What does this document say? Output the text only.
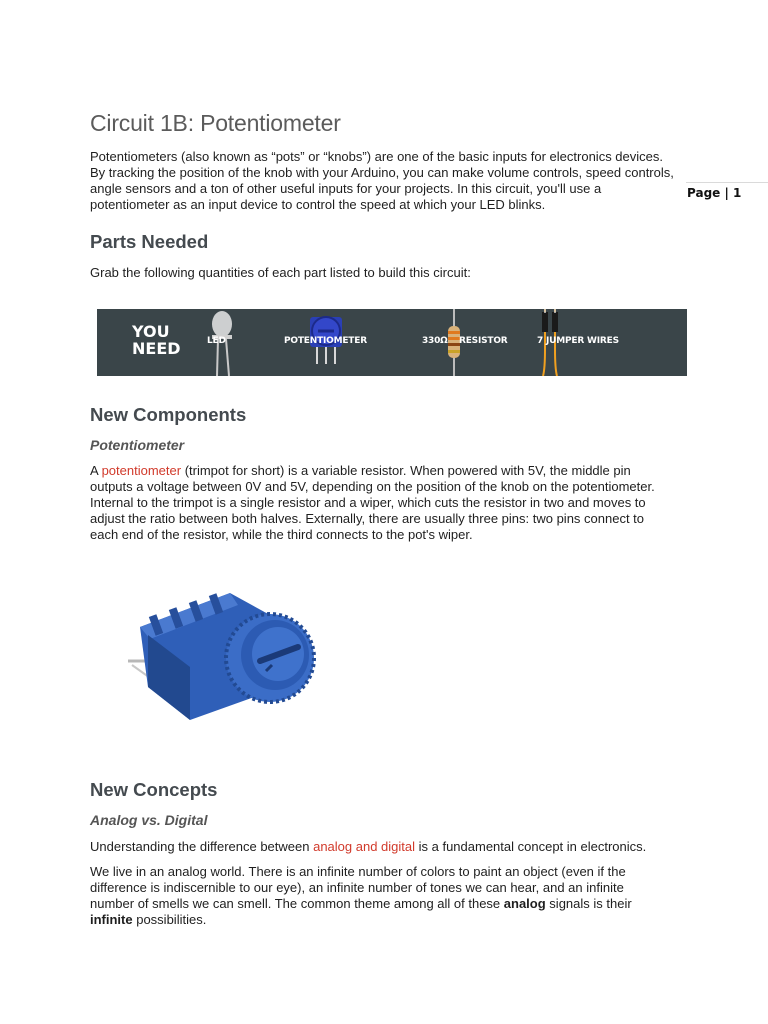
Circuit 1B: Potentiometer
Page | 1

Potentiometers (also known as “pots” or “knobs”) are one of the basic inputs for electronics devices. By tracking the position of the knob with your Arduino, you can make volume controls, speed controls, angle sensors and a ton of other useful inputs for your projects. In this circuit, you'll use a potentiometer as an input device to control the speed at which your LED blinks.

Parts Needed

Grab the following quantities of each part listed to build this circuit:

YOU
NEED	LED	POTENTIOMETER	330Ω RESISTOR	7 JUMPER WIRES
New Components
Potentiometer

A potentiometer (trimpot for short) is a variable resistor. When powered with 5V, the middle pin outputs a voltage between 0V and 5V, depending on the position of the knob on the potentiometer. Internal to the trimpot is a single resistor and a wiper, which cuts the resistor in two and moves to adjust the ratio between both halves. Externally, there are usually three pins: two pins connect to each end of the resistor, while the third connects to the pot's wiper.

New Concepts
Analog vs. Digital

Understanding the difference between analog and digital is a fundamental concept in electronics.

We live in an analog world. There is an infinite number of colors to paint an object (even if the difference is indiscernible to our eye), an infinite number of tones we can hear, and an infinite number of smells we can smell. The common theme among all of these analog signals is their infinite possibilities.
